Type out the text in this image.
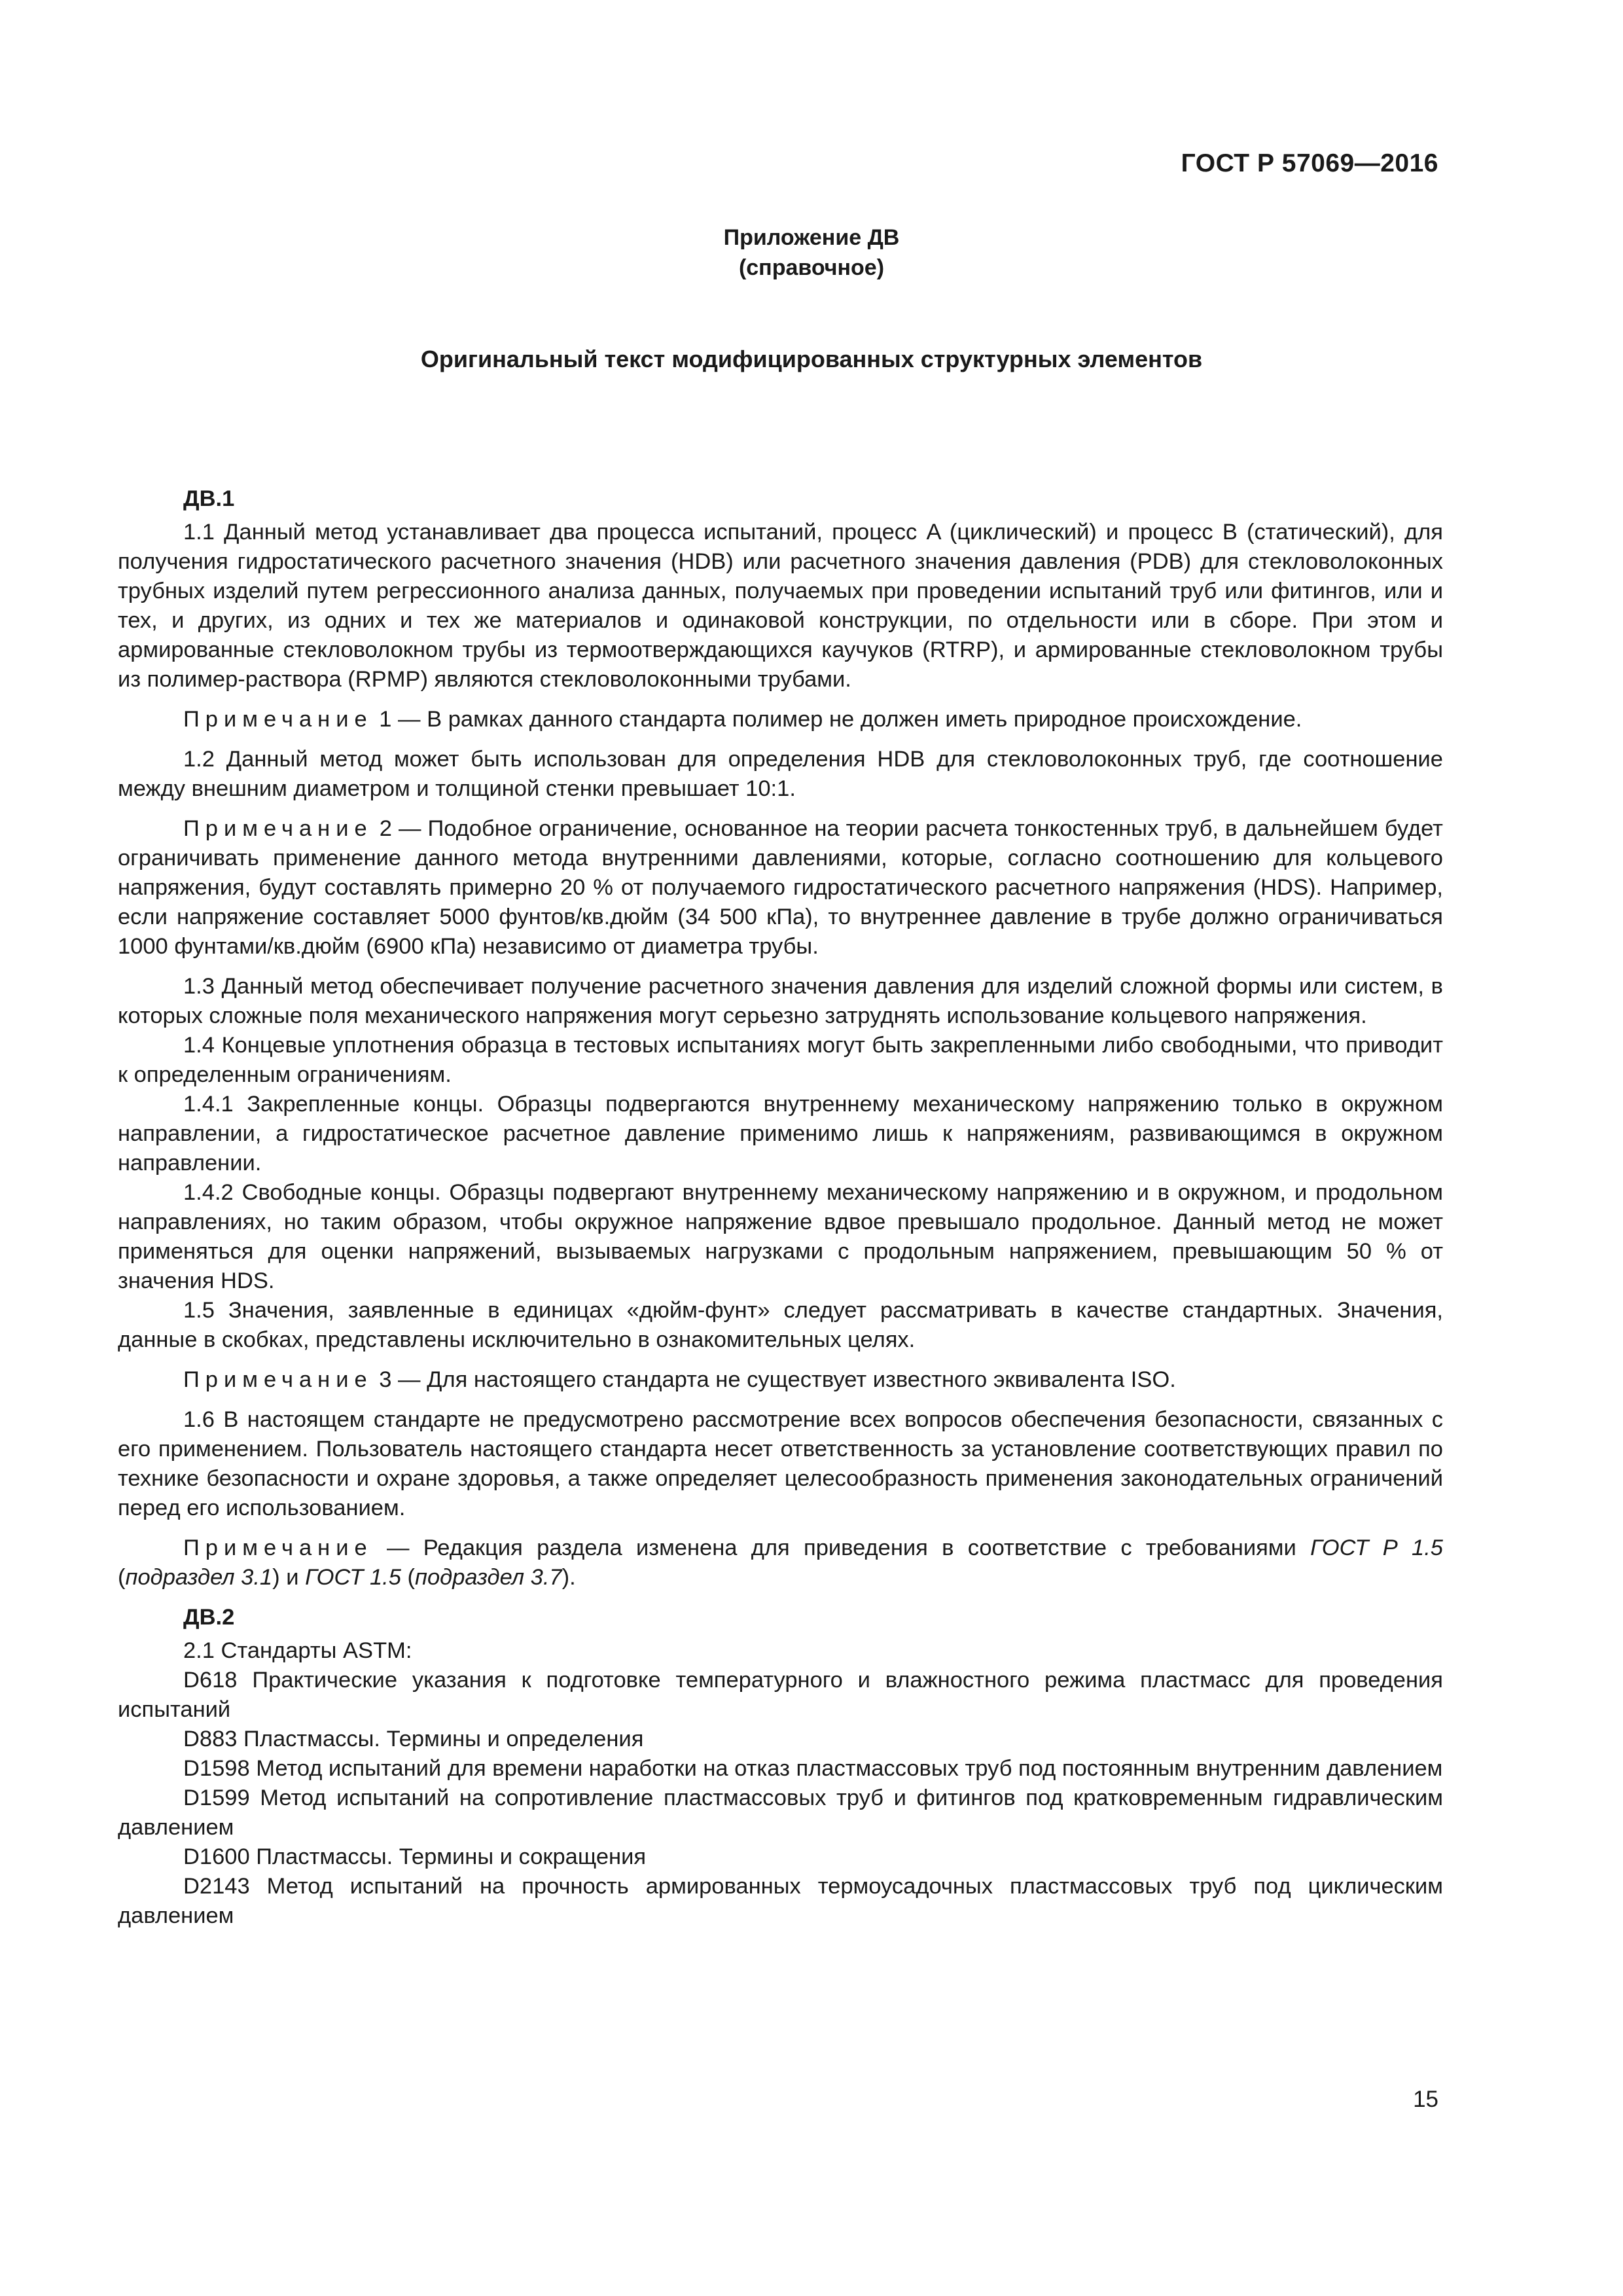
ГОСТ Р 57069—2016
Приложение ДВ
(справочное)
Оригинальный текст модифицированных структурных элементов
ДВ.1

1.1 Данный метод устанавливает два процесса испытаний, процесс A (циклический) и процесс B (статический), для получения гидростатического расчетного значения (HDB) или расчетного значения давления (PDB) для стекловолоконных трубных изделий путем регрессионного анализа данных, получаемых при проведении испытаний труб или фитингов, или и тех, и других, из одних и тех же материалов и одинаковой конструкции, по отдельности или в сборе. При этом и армированные стекловолокном трубы из термоотверждающихся каучуков (RTRP), и армированные стекловолокном трубы из полимер-раствора (RPMP) являются стекловолоконными трубами.

Примечание 1 — В рамках данного стандарта полимер не должен иметь природное происхождение.

1.2 Данный метод может быть использован для определения HDB для стекловолоконных труб, где соотношение между внешним диаметром и толщиной стенки превышает 10:1.

Примечание 2 — Подобное ограничение, основанное на теории расчета тонкостенных труб, в дальнейшем будет ограничивать применение данного метода внутренними давлениями, которые, согласно соотношению для кольцевого напряжения, будут составлять примерно 20 % от получаемого гидростатического расчетного напряжения (HDS). Например, если напряжение составляет 5000 фунтов/кв.дюйм (34 500 кПа), то внутреннее давление в трубе должно ограничиваться 1000 фунтами/кв.дюйм (6900 кПа) независимо от диаметра трубы.

1.3 Данный метод обеспечивает получение расчетного значения давления для изделий сложной формы или систем, в которых сложные поля механического напряжения могут серьезно затруднять использование кольцевого напряжения.

1.4 Концевые уплотнения образца в тестовых испытаниях могут быть закрепленными либо свободными, что приводит к определенным ограничениям.

1.4.1 Закрепленные концы. Образцы подвергаются внутреннему механическому напряжению только в окружном направлении, а гидростатическое расчетное давление применимо лишь к напряжениям, развивающимся в окружном направлении.

1.4.2 Свободные концы. Образцы подвергают внутреннему механическому напряжению и в окружном, и продольном направлениях, но таким образом, чтобы окружное напряжение вдвое превышало продольное. Данный метод не может применяться для оценки напряжений, вызываемых нагрузками с продольным напряжением, превышающим 50 % от значения HDS.

1.5 Значения, заявленные в единицах «дюйм-фунт» следует рассматривать в качестве стандартных. Значения, данные в скобках, представлены исключительно в ознакомительных целях.

Примечание 3 — Для настоящего стандарта не существует известного эквивалента ISO.

1.6 В настоящем стандарте не предусмотрено рассмотрение всех вопросов обеспечения безопасности, связанных с его применением. Пользователь настоящего стандарта несет ответственность за установление соответствующих правил по технике безопасности и охране здоровья, а также определяет целесообразность применения законодательных ограничений перед его использованием.

Примечание — Редакция раздела изменена для приведения в соответствие с требованиями ГОСТ Р 1.5 (подраздел 3.1) и ГОСТ 1.5 (подраздел 3.7).

ДВ.2

2.1 Стандарты ASTM:

D618 Практические указания к подготовке температурного и влажностного режима пластмасс для проведения испытаний

D883 Пластмассы. Термины и определения

D1598 Метод испытаний для времени наработки на отказ пластмассовых труб под постоянным внутренним давлением

D1599 Метод испытаний на сопротивление пластмассовых труб и фитингов под кратковременным гидравлическим давлением

D1600 Пластмассы. Термины и сокращения

D2143 Метод испытаний на прочность армированных термоусадочных пластмассовых труб под циклическим давлением

15
